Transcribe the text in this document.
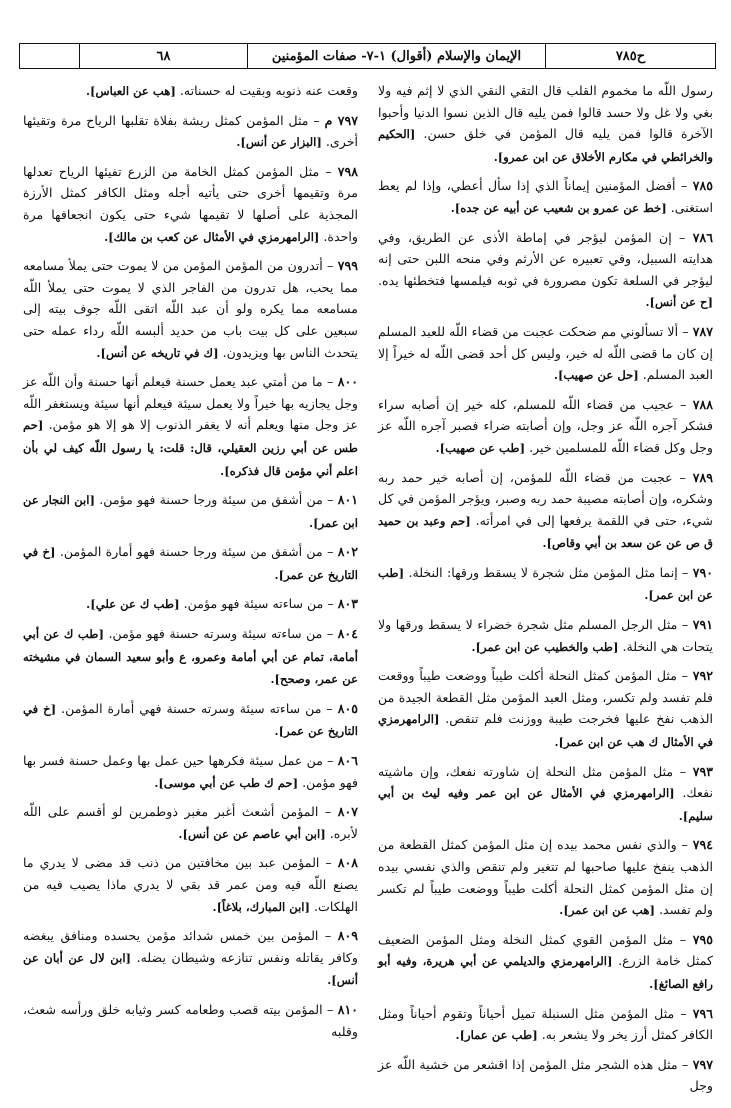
ح٧٨٥
الإيمان والإسلام (أقوال) ١-٧- صفات المؤمنين
٦٨

رسول اللّه ما مخموم القلب قال التقي النقي الذي لا إثم فيه ولا بغي ولا غل ولا حسد قالوا فمن يليه قال الذين نسوا الدنيا وأحبوا الآخرة قالوا فمن يليه قال المؤمن في خلق حسن. [الحكيم والخرائطي في مكارم الأخلاق عن ابن عمرو].

٧٨٥ – أفضل المؤمنين إيماناً الذي إذا سأل أعطي، وإذا لم يعط استغنى. [خط عن عمرو بن شعيب عن أبيه عن جده].

٧٨٦ – إن المؤمن ليؤجر في إماطة الأذى عن الطريق، وفي هدايته السبيل، وفي تعبيره عن الأرثم وفي منحه اللبن حتى إنه ليؤجر في السلعة تكون مصرورة في ثوبه فيلمسها فتخطئها يده. [ح عن أنس].

٧٨٧ – ألا تسألوني مم ضحكت عجبت من قضاء اللّه للعبد المسلم إن كان ما قضى اللّه له خير، وليس كل أحد قضى اللّه له خيراً إلا العبد المسلم. [حل عن صهيب].

٧٨٨ – عجيب من قضاء اللّه للمسلم، كله خير إن أصابه سراء فشكر آجره اللّه عز وجل، وإن أصابته ضراء فصبر آجره اللّه عز وجل وكل قضاء اللّه للمسلمين خير. [طب عن صهيب].

٧٨٩ – عجبت من قضاء اللّه للمؤمن، إن أصابه خير حمد ربه وشكره، وإن أصابته مصيبة حمد ربه وصبر، ويؤجر المؤمن في كل شيء، حتى في اللقمة يرفعها إلى في امرأته. [حم وعبد بن حميد ق ص عن عن سعد بن أبي وقاص].

٧٩٠ – إنما مثل المؤمن مثل شجرة لا يسقط ورقها: النخلة. [طب عن ابن عمر].

٧٩١ – مثل الرجل المسلم مثل شجرة خضراء لا يسقط ورقها ولا يتحات هي النخلة. [طب والخطيب عن ابن عمر].

٧٩٢ – مثل المؤمن كمثل النحلة أكلت طيباً ووضعت طيباً ووقعت فلم تفسد ولم تكسر، ومثل العبد المؤمن مثل القطعة الجيدة من الذهب نفخ عليها فخرجت طيبة ووزنت فلم تنقص. [الرامهرمزي في الأمثال ك هب عن ابن عمر].

٧٩٣ – مثل المؤمن مثل النحلة إن شاورته نفعك، وإن ماشيته نفعك. [الرامهرمزي في الأمثال عن ابن عمر وفيه ليث بن أبي سليم].

٧٩٤ – والذي نفس محمد بيده إن مثل المؤمن كمثل القطعة من الذهب ينفخ عليها صاحبها لم تتغير ولم تنقص والذي نفسي بيده إن مثل المؤمن كمثل النحلة أكلت طيباً ووضعت طيباً لم تكسر ولم تفسد. [هب عن ابن عمر].

٧٩٥ – مثل المؤمن القوي كمثل النخلة ومثل المؤمن الضعيف كمثل خامة الزرع. [الرامهرمزي والديلمي عن أبي هريرة، وفيه أبو رافع الصائغ].

٧٩٦ – مثل المؤمن مثل السنبلة تميل أحياناً وتقوم أحياناً ومثل الكافر كمثل أرز يخر ولا يشعر به. [طب عن عمار].

٧٩٧ – مثل هذه الشجر مثل المؤمن إذا اقشعر من خشية اللّه عز وجل

وقعت عنه ذنوبه وبقيت له حسناته. [هب عن العباس].

٧٩٧ م – مثل المؤمن كمثل ريشة بفلاة تقلبها الرياح مرة وتقيئها أخرى. [البزار عن أنس].

٧٩٨ – مثل المؤمن كمثل الخامة من الزرع تفيئها الرياح تعدلها مرة وتقيمها أخرى حتى يأتيه أجله ومثل الكافر كمثل الأرزة المجذية على أصلها لا تقيمها شيء حتى يكون انجعافها مرة واحدة. [الرامهرمزي في الأمثال عن كعب بن مالك].

٧٩٩ – أتدرون من المؤمن المؤمن من لا يموت حتى يملأ مسامعه مما يحب، هل تدرون من الفاجر الذي لا يموت حتى يملأ اللّه مسامعه مما يكره ولو أن عبد اللّه اتقى اللّه جوف بيته إلى سبعين على كل بيت باب من حديد ألبسه اللّه رداء عمله حتى يتحدث الناس بها ويزيدون. [ك في تاريخه عن أنس].

٨٠٠ – ما من أمتي عبد يعمل حسنة فيعلم أنها حسنة وأن اللّه عز وجل يجازيه بها خيراً ولا يعمل سيئة فيعلم أنها سيئة ويستغفر اللّه عز وجل منها ويعلم أنه لا يغفر الذنوب إلا هو إلا هو مؤمن. [حم طس عن أبي رزين العقيلي، قال: قلت: يا رسول اللّه كيف لي بأن اعلم أني مؤمن قال فذكره].

٨٠١ – من أشفق من سيئة ورجا حسنة فهو مؤمن. [ابن النجار عن ابن عمر].

٨٠٢ – من أشفق من سيئة ورجا حسنة فهو أمارة المؤمن. [خ في التاريخ عن عمر].

٨٠٣ – من ساءته سيئة فهو مؤمن. [طب ك عن علي].

٨٠٤ – من ساءته سيئة وسرته حسنة فهو مؤمن. [طب ك عن أبي أمامة، تمام عن أبي أمامة وعمرو، ع وأبو سعيد السمان في مشيخته عن عمر، وصحح].

٨٠٥ – من ساءته سيئة وسرته حسنة فهي أمارة المؤمن. [خ في التاريخ عن عمر].

٨٠٦ – من عمل سيئة فكرهها حين عمل بها وعمل حسنة فسر بها فهو مؤمن. [حم ك طب عن أبي موسى].

٨٠٧ – المؤمن أشعث أغبر مغبر ذوطمرين لو أقسم على اللّه لأبره. [ابن أبي عاصم عن عن أنس].

٨٠٨ – المؤمن عبد بين مخافتين من ذنب قد مضى لا يدري ما يصنع اللّه فيه ومن عمر قد بقي لا يدري ماذا يصيب فيه من الهلكات. [ابن المبارك، بلاغاً].

٨٠٩ – المؤمن بين خمس شدائد مؤمن يحسده ومنافق يبغضه وكافر يقاتله ونفس تنازعه وشيطان يضله. [ابن لال عن أبان عن أنس].

٨١٠ – المؤمن بيته قصب وطعامه كسر وثيابه خلق ورأسه شعث، وقلبه
